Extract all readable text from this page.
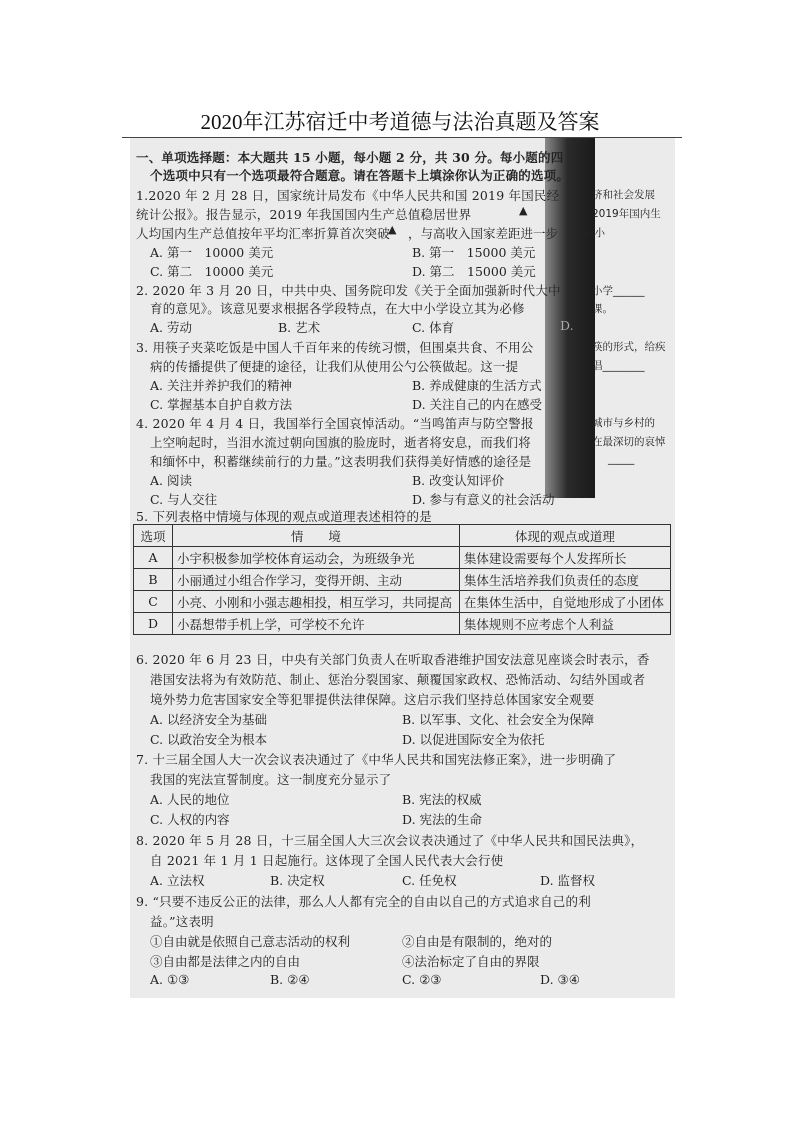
2020年江苏宿迁中考道德与法治真题及答案
一、单项选择题：本大题共 15 小题，每小题 2 分，共 30 分。每小题的四
个选项中只有一个选项最符合题意。请在答题卡上填涂你认为正确的选项。
1.2020 年 2 月 28 日，国家统计局发布《中华人民共和国 2019 年国民经	济和社会发展
统计公报》。报告显示，2019 年我国国内生产总值稳居世界	▲	2019年国内生
人均国内生产总值按年平均汇率折算首次突破
▲ ，与高收入国家差距进一步 缩小
A. 第一　10000 美元	B. 第一　15000 美元
C. 第二　10000 美元	D. 第二　15000 美元
2. 2020 年 3 月 20 日，中共中央、国务院印发《关于全面加强新时代大中	小学______
育的意见》。该意见要求根据各学段特点，在大中小学设立其为必修	课。
A. 劳动	B. 艺术	C. 体育	D.
3. 用筷子夹菜吃饭是中国人千百年来的传统习惯，但围桌共食、不用公	筷的形式，给疾
病的传播提供了便捷的途径，让我们从使用公勺公筷做起。这一提	倡________
A. 关注并养护我们的精神	B. 养成健康的生活方式
C. 掌握基本自护自救方法	D. 关注自己的内在感受
4. 2020 年 4 月 4 日，我国举行全国哀悼活动。“当鸣笛声与防空警报	城市与乡村的
上空响起时，当泪水流过朝向国旗的脸庞时，逝者将安息，而我们将	在最深切的哀悼
和缅怀中，积蓄继续前行的力量。”这表明我们获得美好情感的途径是	_____
A. 阅读	B. 改变认知评价
C. 与人交往	D. 参与有意义的社会活动
5. 下列表格中情境与体现的观点或道理表述相符的是
选项	情　　境	体现的观点或道理
A	小宇积极参加学校体育运动会，为班级争光	集体建设需要每个人发挥所长
B	小丽通过小组合作学习，变得开朗、主动	集体生活培养我们负责任的态度
C	小亮、小刚和小强志趣相投，相互学习，共同提高	在集体生活中，自觉地形成了小团体
D	小磊想带手机上学，可学校不允许	集体规则不应考虑个人利益
6. 2020 年 6 月 23 日，中央有关部门负责人在听取香港维护国安法意见座谈会时表示，香
港国安法将为有效防范、制止、惩治分裂国家、颠覆国家政权、恐怖活动、勾结外国或者
境外势力危害国家安全等犯罪提供法律保障。这启示我们坚持总体国家安全观要
A. 以经济安全为基础	B. 以军事、文化、社会安全为保障
C. 以政治安全为根本	D. 以促进国际安全为依托
7. 十三届全国人大一次会议表决通过了《中华人民共和国宪法修正案》，进一步明确了
我国的宪法宣誓制度。这一制度充分显示了
A. 人民的地位	B. 宪法的权威
C. 人权的内容	D. 宪法的生命
8. 2020 年 5 月 28 日，十三届全国人大三次会议表决通过了《中华人民共和国民法典》，
自 2021 年 1 月 1 日起施行。这体现了全国人民代表大会行使
A. 立法权	B. 决定权	C. 任免权	D. 监督权
9. “只要不违反公正的法律，那么人人都有完全的自由以自己的方式追求自己的利
益。”这表明
①自由就是依照自己意志活动的权利	②自由是有限制的，绝对的
③自由都是法律之内的自由	④法治标定了自由的界限
A. ①③	B. ②④	C. ②③	D. ③④
